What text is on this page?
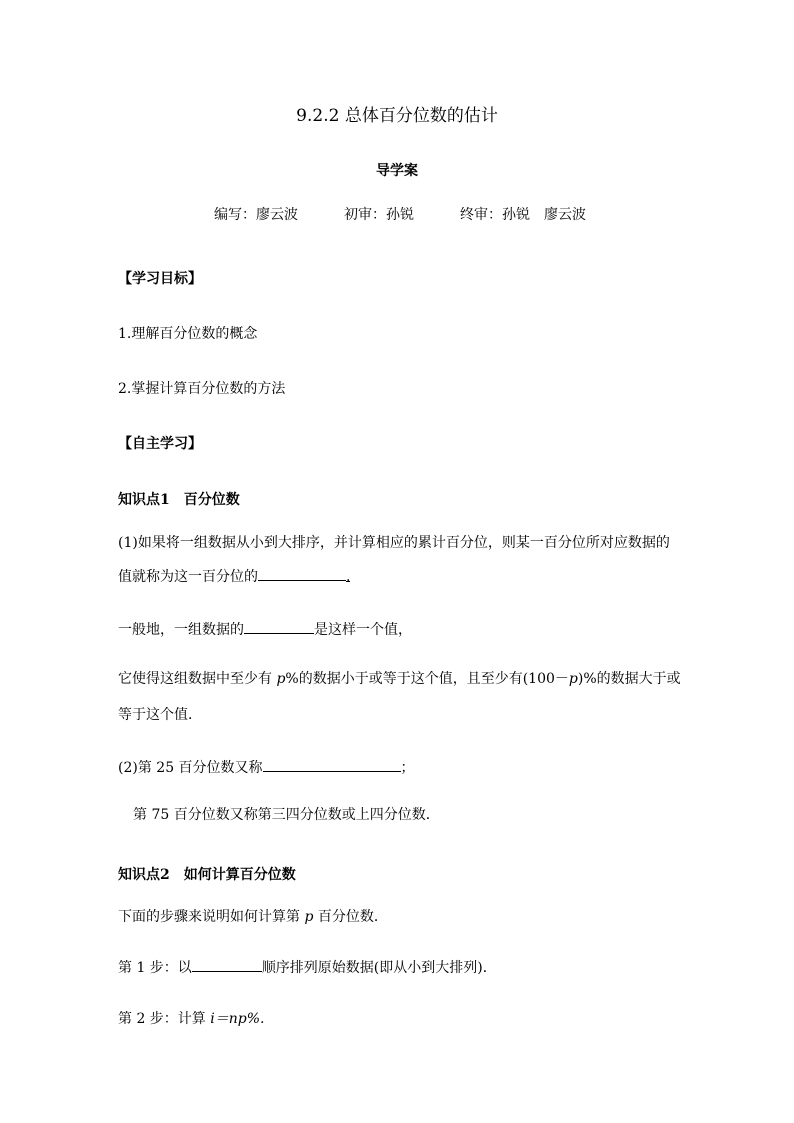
9.2.2 总体百分位数的估计
导学案
编写：廖云波	初审：孙锐	终审：孙锐　廖云波
【学习目标】
1.理解百分位数的概念
2.掌握计算百分位数的方法
【自主学习】
知识点1　百分位数
(1)如果将一组数据从小到大排序，并计算相应的累计百分位，则某一百分位所对应数据的
值就称为这一百分位的	.
一般地，一组数据的	是这样一个值，
它使得这组数据中至少有 p%的数据小于或等于这个值，且至少有(100－p)%的数据大于或
等于这个值．
(2)第 25 百分位数又称	；
第 75 百分位数又称第三四分位数或上四分位数．
知识点2　如何计算百分位数
下面的步骤来说明如何计算第 p 百分位数．
第 1 步：以	顺序排列原始数据(即从小到大排列)．
第 2 步：计算 i＝np%.
